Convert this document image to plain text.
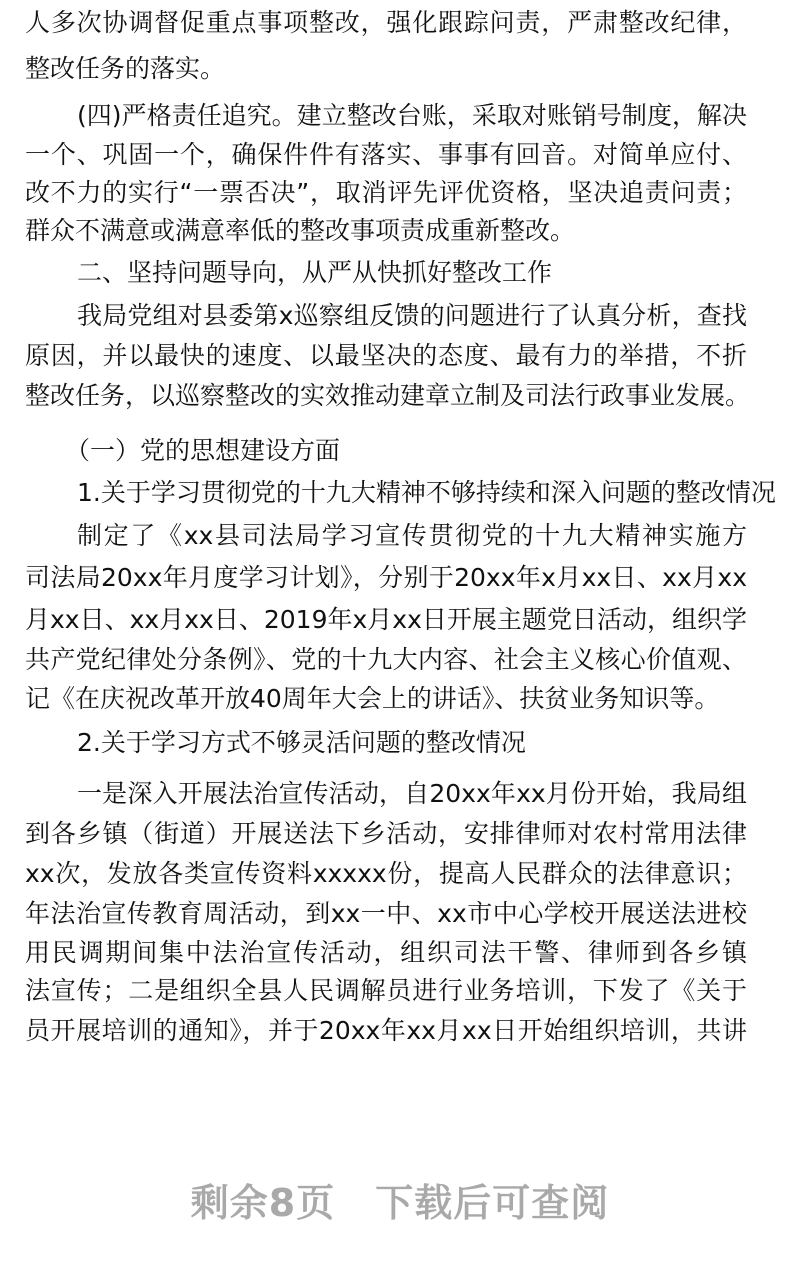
人多次协调督促重点事项整改，强化跟踪问责，严肃整改纪律，
整改任务的落实。
(四)严格责任追究。建立整改台账，采取对账销号制度，解决
一个、巩固一个，确保件件有落实、事事有回音。对简单应付、
改不力的实行“一票否决”，取消评先评优资格，坚决追责问责；
群众不满意或满意率低的整改事项责成重新整改。
二、坚持问题导向，从严从快抓好整改工作
我局党组对县委第x巡察组反馈的问题进行了认真分析，查找
原因，并以最快的速度、以最坚决的态度、最有力的举措，不折
整改任务，以巡察整改的实效推动建章立制及司法行政事业发展。
（一）党的思想建设方面
1.关于学习贯彻党的十九大精神不够持续和深入问题的整改情况
制定了《xx县司法局学习宣传贯彻党的十九大精神实施方
司法局20xx年月度学习计划》，分别于20xx年x月xx日、xx月xx
月xx日、xx月xx日、2019年x月xx日开展主题党日活动，组织学
共产党纪律处分条例》、党的十九大内容、社会主义核心价值观、
记《在庆祝改革开放40周年大会上的讲话》、扶贫业务知识等。
2.关于学习方式不够灵活问题的整改情况
一是深入开展法治宣传活动，自20xx年xx月份开始，我局组
到各乡镇（街道）开展送法下乡活动，安排律师对农村常用法律
xx次，发放各类宣传资料xxxxx份，提高人民群众的法律意识；
年法治宣传教育周活动，到xx一中、xx市中心学校开展送法进校
用民调期间集中法治宣传活动，组织司法干警、律师到各乡镇
法宣传；二是组织全县人民调解员进行业务培训，下发了《关于
员开展培训的通知》，并于20xx年xx月xx日开始组织培训，共讲
剩余8页 下载后可查阅
